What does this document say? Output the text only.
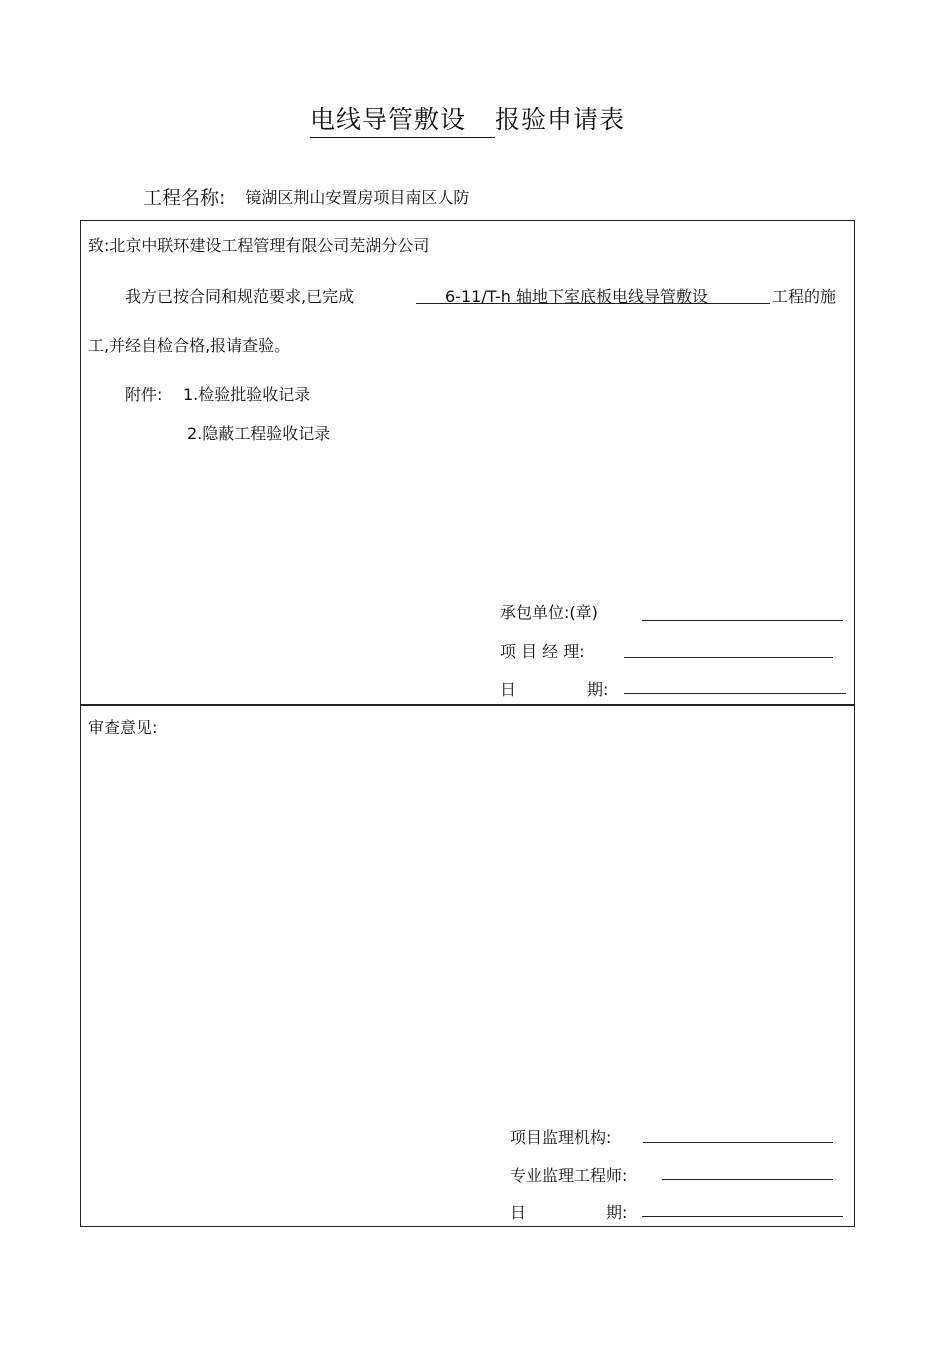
电线导管敷设 报验申请表
工程名称: 镜湖区荆山安置房项目南区人防
致:北京中联环建设工程管理有限公司芜湖分公司
我方已按合同和规范要求,已完成	6-11/T-h 轴地下室底板电线导管敷设	工程的施
工,并经自检合格,报请查验。
附件: 1.检验批验收记录
2.隐蔽工程验收记录
承包单位:(章)
项 目 经 理:
日	期:
审查意见:
项目监理机构:
专业监理工程师:
日	期:
